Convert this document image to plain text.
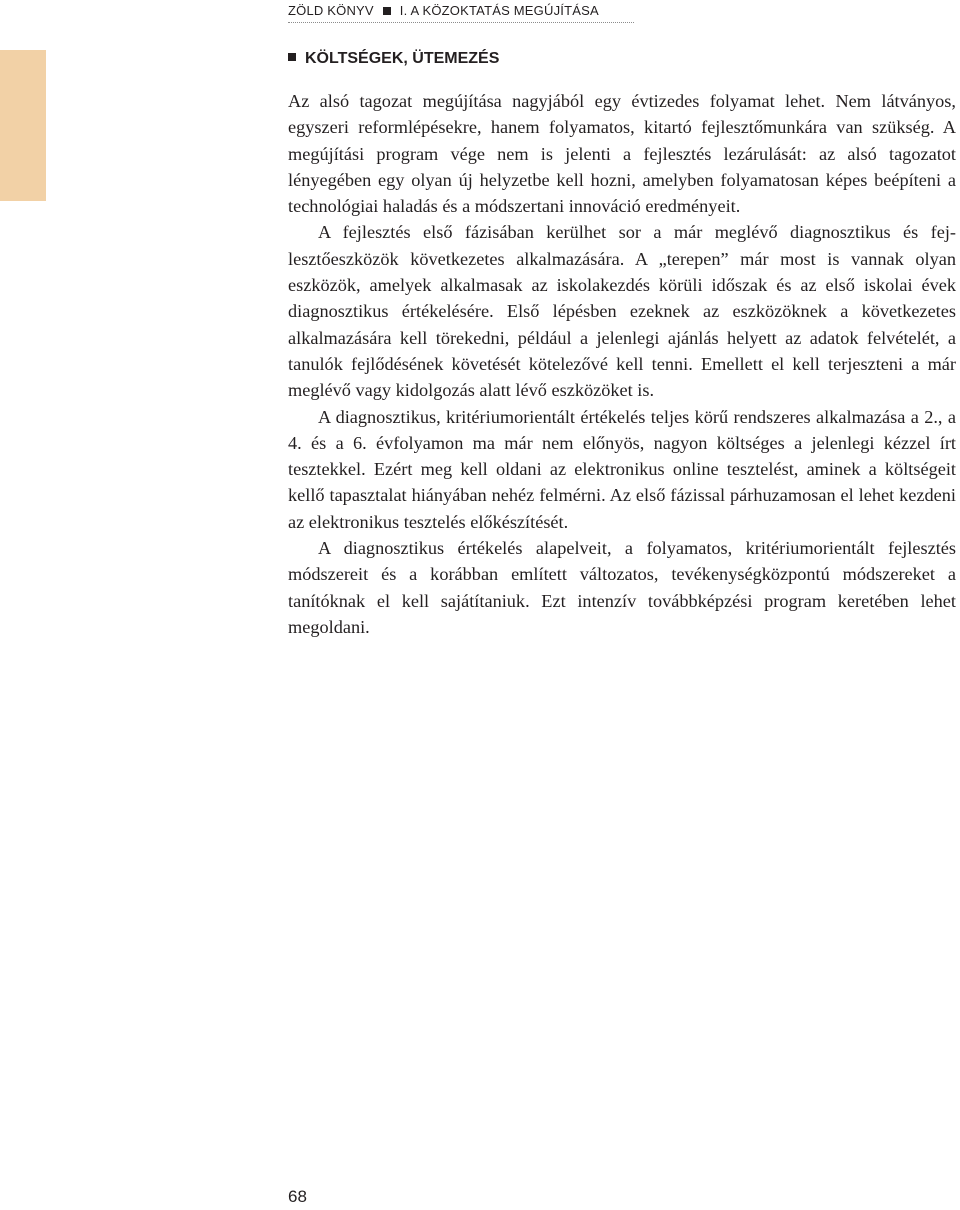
ZÖLD KÖNYV I. A KÖZOKTATÁS MEGÚJÍTÁSA
KÖLTSÉGEK, ÜTEMEZÉS

Az alsó tagozat megújítása nagyjából egy évtizedes folyamat lehet. Nem látványos, egyszeri reformlépésekre, hanem folyamatos, kitartó fejlesztőmunkára van szükség. A megújítási program vége nem is jelenti a fejlesztés lezárulását: az alsó tagozatot lényegében egy olyan új helyzetbe kell hozni, amelyben folyamatosan képes beépíteni a technológiai haladás és a módszertani innováció eredményeit.

A fejlesztés első fázisában kerülhet sor a már meglévő diagnosztikus és fejlesztőeszközök következetes alkalmazására. A „terepen” már most is vannak olyan eszközök, amelyek alkalmasak az iskolakezdés körüli időszak és az első iskolai évek diagnosztikus értékelésére. Első lépésben ezeknek az eszközöknek a következetes alkalmazására kell törekedni, például a jelenlegi ajánlás helyett az adatok felvételét, a tanulók fejlődésének követését kötelezővé kell tenni. Emellett el kell terjeszteni a már meglévő vagy kidolgozás alatt lévő eszközöket is.

A diagnosztikus, kritériumorientált értékelés teljes körű rendszeres alkalmazása a 2., a 4. és a 6. évfolyamon ma már nem előnyös, nagyon költséges a jelenlegi kézzel írt tesztekkel. Ezért meg kell oldani az elektronikus online tesztelést, aminek a költségeit kellő tapasztalat hiányában nehéz felmérni. Az első fázissal párhuzamosan el lehet kezdeni az elektronikus tesztelés előkészítését.

A diagnosztikus értékelés alapelveit, a folyamatos, kritériumorientált fejlesztés módszereit és a korábban említett változatos, tevékenységközpontú módszereket a tanítóknak el kell sajátítaniuk. Ezt intenzív továbbképzési program keretében lehet megoldani.

68
